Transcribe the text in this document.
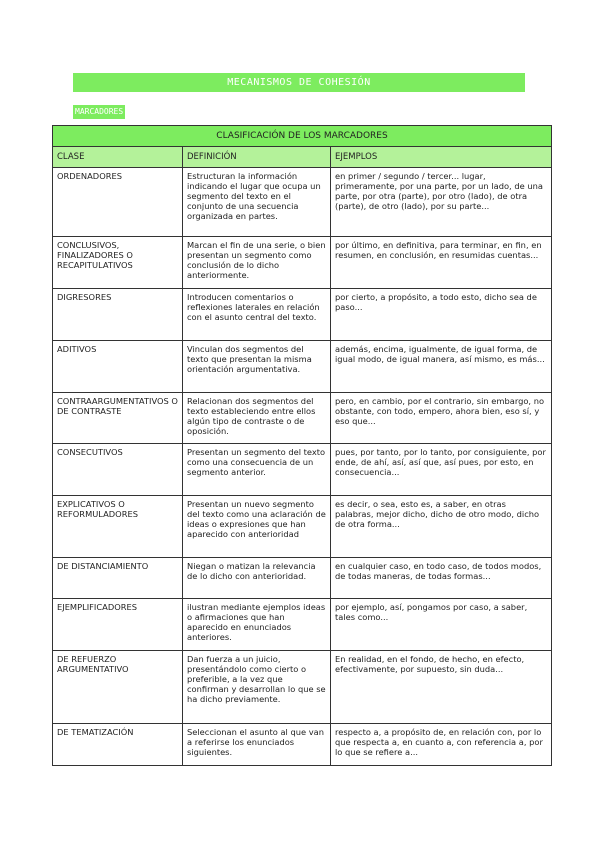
MECANISMOS DE COHESIÓN
MARCADORES
CLASIFICACIÓN DE LOS MARCADORES		
CLASE	DEFINICIÓN	EJEMPLOS
ORDENADORES	Estructuran la información indicando el lugar que ocupa un segmento del texto en el conjunto de una secuencia organizada en partes.	en primer / segundo / tercer... lugar, primeramente, por una parte, por un lado, de una parte, por otra (parte), por otro (lado), de otra (parte), de otro (lado), por su parte...
CONCLUSIVOS, FINALIZADORES O RECAPITULATIVOS	Marcan el fin de una serie, o bien presentan un segmento como conclusión de lo dicho anteriormente.	por último, en definitiva, para terminar, en fin, en resumen, en conclusión, en resumidas cuentas...
DIGRESORES	Introducen comentarios o reflexiones laterales en relación con el asunto central del texto.	por cierto, a propósito, a todo esto, dicho sea de paso...
ADITIVOS	Vinculan dos segmentos del texto que presentan la misma orientación argumentativa.	además, encima, igualmente, de igual forma, de igual modo, de igual manera, así mismo, es más...
CONTRAARGUMENTATIVOS O DE CONTRASTE	Relacionan dos segmentos del texto estableciendo entre ellos algún tipo de contraste o de oposición.	pero, en cambio, por el contrario, sin embargo, no obstante, con todo, empero, ahora bien, eso sí, y eso que...
CONSECUTIVOS	Presentan un segmento del texto como una consecuencia de un segmento anterior.	pues, por tanto, por lo tanto, por consiguiente, por ende, de ahí, así, así que, así pues, por esto, en consecuencia...
EXPLICATIVOS O REFORMULADORES	Presentan un nuevo segmento del texto como una aclaración de ideas o expresiones que han aparecido con anterioridad	es decir, o sea, esto es, a saber, en otras palabras, mejor dicho, dicho de otro modo, dicho de otra forma...
DE DISTANCIAMIENTO	Niegan o matizan la relevancia de lo dicho con anterioridad.	en cualquier caso, en todo caso, de todos modos, de todas maneras, de todas formas...
EJEMPLIFICADORES	ilustran mediante ejemplos ideas o afirmaciones que han aparecido en enunciados anteriores.	por ejemplo, así, pongamos por caso, a saber, tales como...
DE REFUERZO ARGUMENTATIVO	Dan fuerza a un juicio, presentándolo como cierto o preferible, a la vez que confirman y desarrollan lo que se ha dicho previamente.	En realidad, en el fondo, de hecho, en efecto, efectivamente, por supuesto, sin duda...
DE TEMATIZACIÓN	Seleccionan el asunto al que van a referirse los enunciados siguientes.	respecto a, a propósito de, en relación con, por lo que respecta a, en cuanto a, con referencia a, por lo que se refiere a...
